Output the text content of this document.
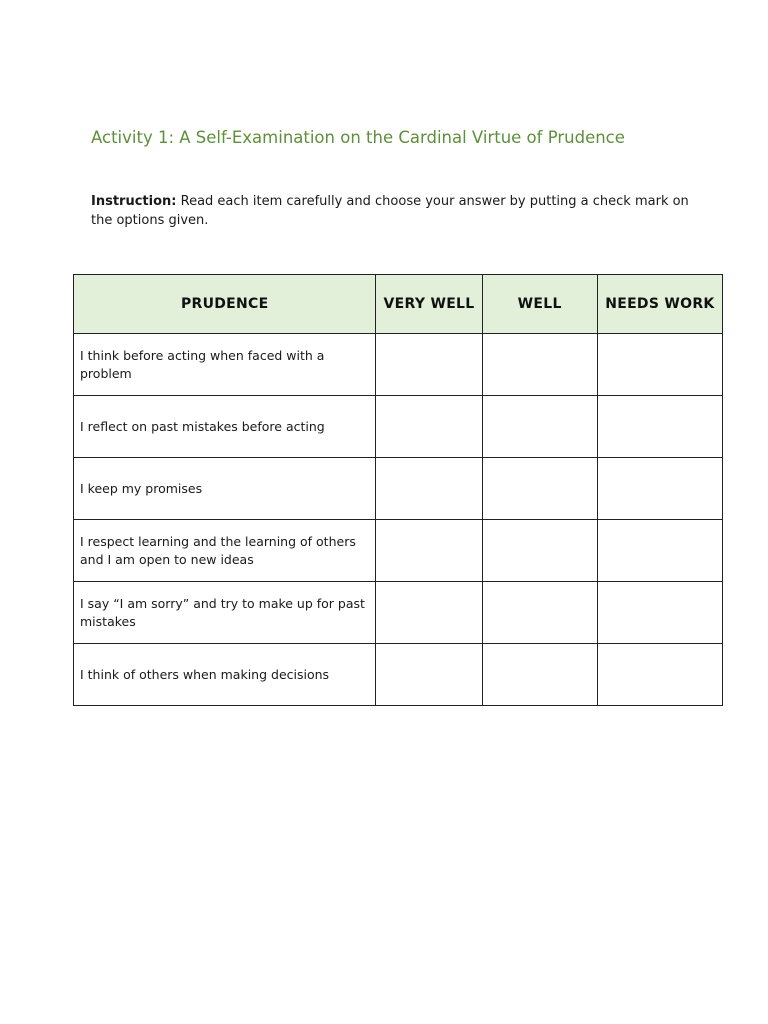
Activity 1: A Self-Examination on the Cardinal Virtue of Prudence
Instruction: Read each item carefully and choose your answer by putting a check mark on the options given.
PRUDENCE	VERY WELL	WELL	NEEDS WORK
I think before acting when faced with a problem			
I reflect on past mistakes before acting			
I keep my promises			
I respect learning and the learning of others and I am open to new ideas			
I say “I am sorry” and try to make up for past mistakes			
I think of others when making decisions			
